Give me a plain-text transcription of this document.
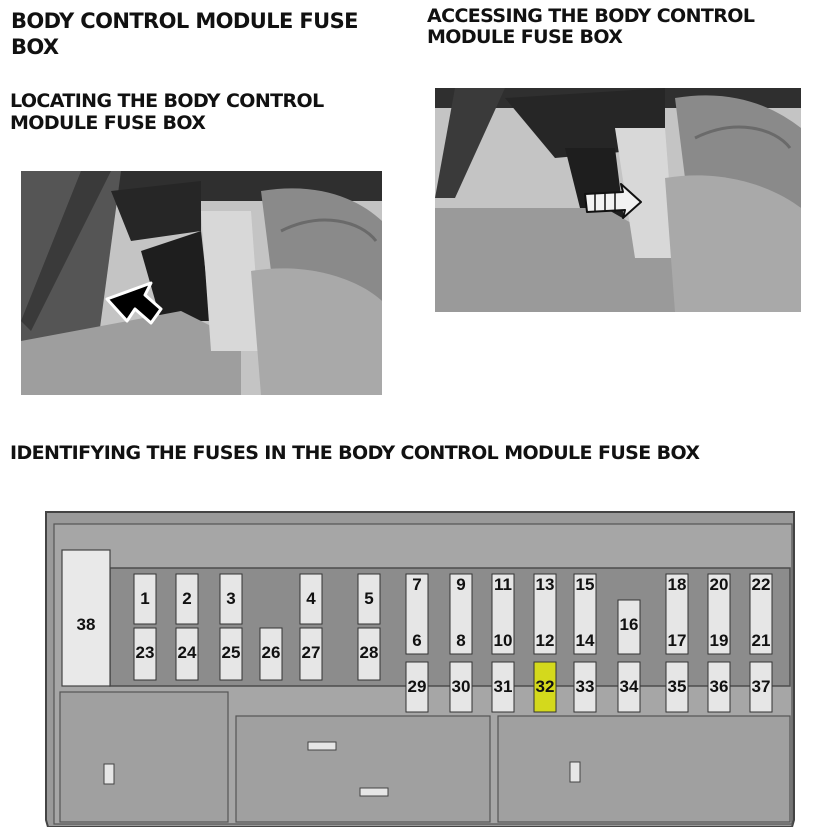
BODY CONTROL MODULE FUSE BOX
LOCATING THE BODY CONTROL MODULE FUSE BOX
ACCESSING THE BODY CONTROL MODULE FUSE BOX
IDENTIFYING THE FUSES IN THE BODY CONTROL MODULE FUSE BOX
1 2 3	4	5
6
7
8
9
10
11
12
13
14
15
16
17
18
19
20
21
22
23 24 25 26 27 28
29 30 31 32 33 34 35 36 37
38
